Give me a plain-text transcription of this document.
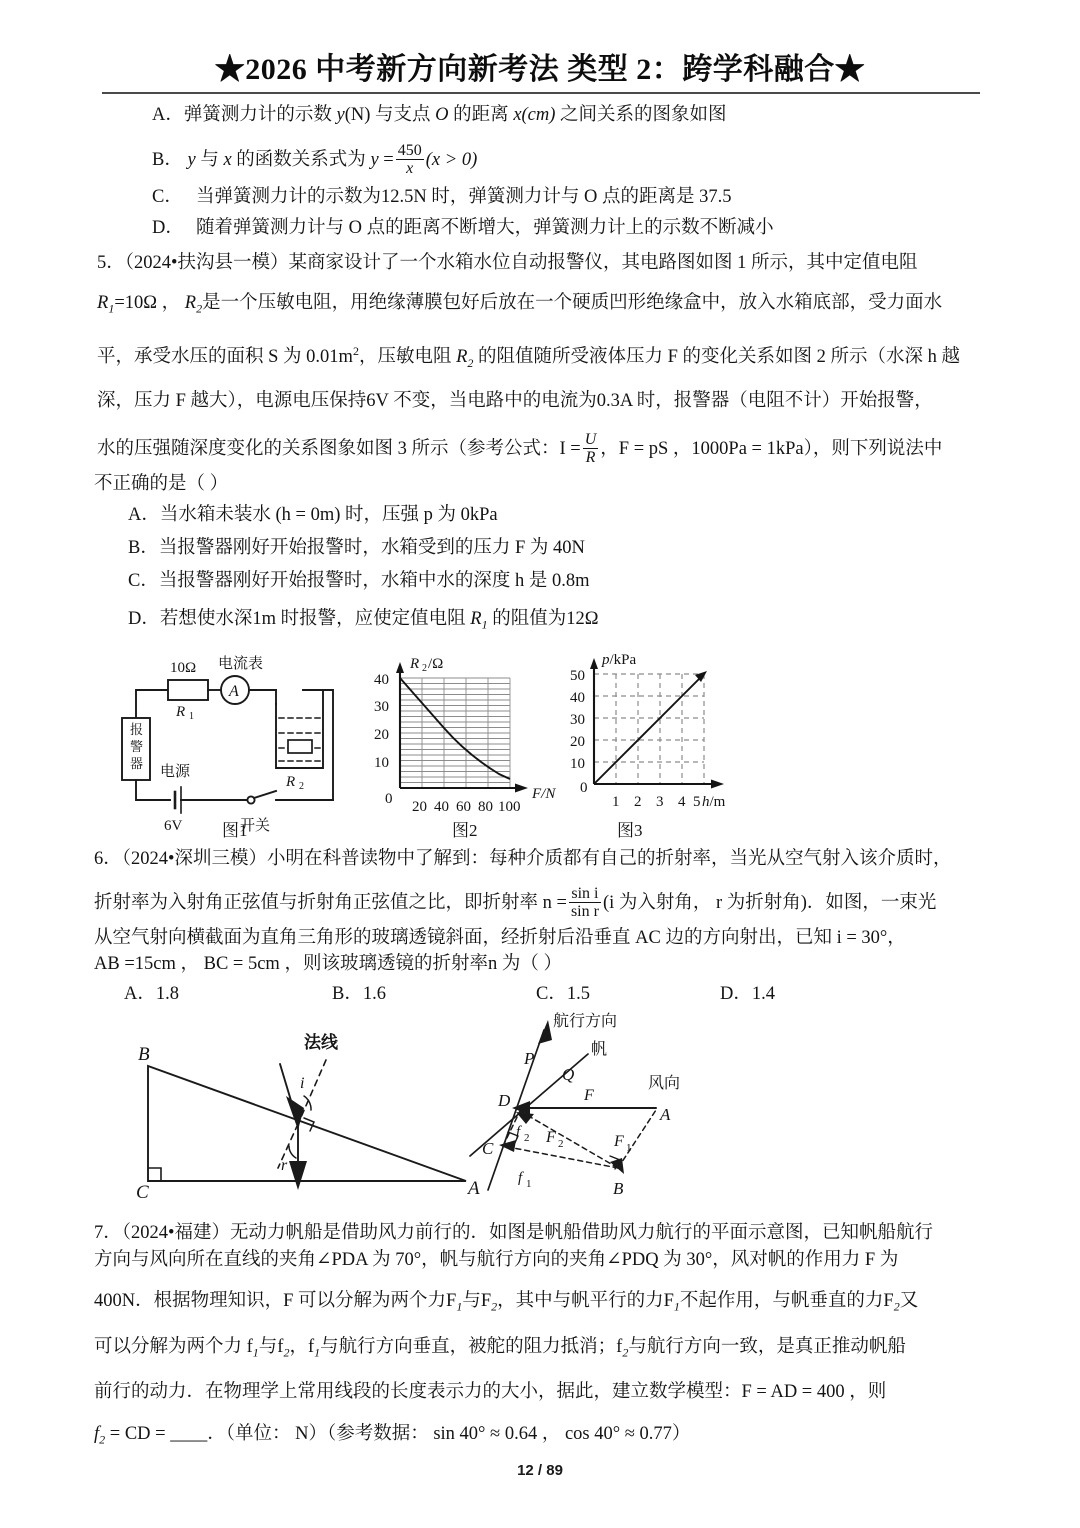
★2026 中考新方向新考法 类型 2：跨学科融合★
A．弹簧测力计的示数 y(N) 与支点 O 的距离 x(cm) 之间关系的图象如图
B． y 与 x 的函数关系式为 $y = \frac{450}{x} (x > 0)$
C． 当弹簧测力计的示数为12.5N 时，弹簧测力计与 O 点的距离是 37.5
D． 随着弹簧测力计与 O 点的距离不断增大，弹簧测力计上的示数不断减小
5．（2024•扶沟县一模）某商家设计了一个水箱水位自动报警仪，其电路图如图 1 所示，其中定值电阻
$R_1=10\Omega$ ， $R_2$是一个压敏电阻，用绝缘薄膜包好后放在一个硬质凹形绝缘盒中，放入水箱底部，受力面水
平，承受水压的面积 S 为 $0.01m^2$，压敏电阻 $R_2$ 的阻值随所受液体压力 F 的变化关系如图 2 所示（水深 h 越
深，压力 F 越大），电源电压保持6V 不变，当电路中的电流为0.3A 时，报警器（电阻不计）开始报警，
水的压强随深度变化的关系图象如图 3 所示（参考公式：$I = \frac{U}{R}$ ，F = pS ，1000Pa = 1kPa），则下列说法中
不正确的是（ ）
A．当水箱未装水 (h = 0m) 时，压强 p 为 0kPa
B．当报警器刚好开始报警时，水箱受到的压力 F 为 40N
C．当报警器刚好开始报警时，水箱中水的深度 h 是 0.8m
D．若想使水深1m 时报警，应使定值电阻 $R_1$ 的阻值为12Ω
10Ω
R 1
电流表
A
报
警
器
电源
6V	开关
R 2
R 2 /Ω
F/N
40
30
20
10
0 20 40 60 80 100
p/kPa
h/m
50
40
30
20
10
0
1 2 3 4 5
图1	图2	图3
6．（2024•深圳三模）小明在科普读物中了解到：每种介质都有自己的折射率，当光从空气射入该介质时，
折射率为入射角正弦值与折射角正弦值之比，即折射率 $n = \frac{\text{sin i}}{\text{sin r}} (i$ 为入射角， r 为折射角)．如图，一束光
从空气射向横截面为直角三角形的玻璃透镜斜面，经折射后沿垂直 AC 边的方向射出，已知 i = 30°，
AB =15cm ， BC = 5cm ，则该玻璃透镜的折射率n 为（ ）
A．1.8	B．1.6	C．1.5	D．1.4
B
C	A
法线
i
r
航行方向
帆
风向
P
Q
D
C
A
B
F
F 1
F 2
f 2
f 1
7．（2024•福建）无动力帆船是借助风力前行的．如图是帆船借助风力航行的平面示意图，已知帆船航行
方向与风向所在直线的夹角∠PDA 为 70°，帆与航行方向的夹角∠PDQ 为 30°，风对帆的作用力 F 为
400N．根据物理知识，F 可以分解为两个力$F_1$与$F_2$，其中与帆平行的力$F_1$不起作用，与帆垂直的力$F_2$又
可以分解为两个力 $f_1$与$f_2$，$f_1$与航行方向垂直，被舵的阻力抵消；$f_2$与航行方向一致，是真正推动帆船
前行的动力．在物理学上常用线段的长度表示力的大小，据此，建立数学模型：F = AD = 400 ，则
$f_2$ = CD = ____．（单位： N）（参考数据： sin 40° ≈ 0.64 ， cos 40° ≈ 0.77）
12 / 89
